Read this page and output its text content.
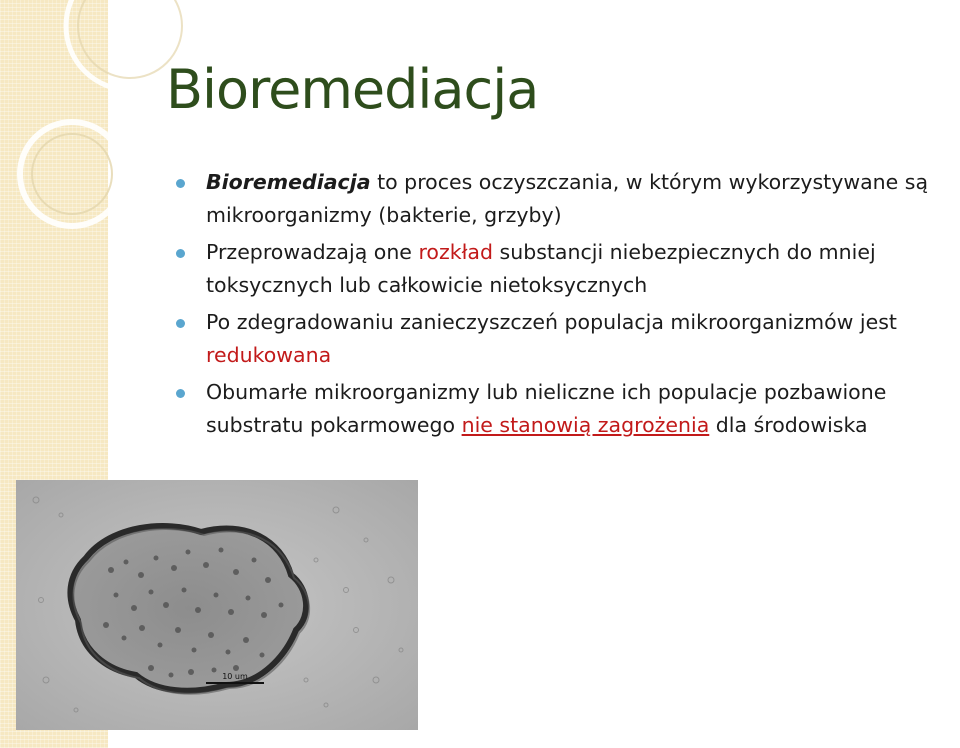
Bioremediacja
Bioremediacja to proces oczyszczania, w którym wykorzystywane są mikroorganizmy (bakterie, grzyby)
Przeprowadzają one rozkład substancji niebezpiecznych do mniej toksycznych lub całkowicie nietoksycznych
Po zdegradowaniu zanieczyszczeń populacja mikroorganizmów jest redukowana
Obumarłe mikroorganizmy lub nieliczne ich populacje pozbawione substratu pokarmowego nie stanowią zagrożenia dla środowiska
10 um
